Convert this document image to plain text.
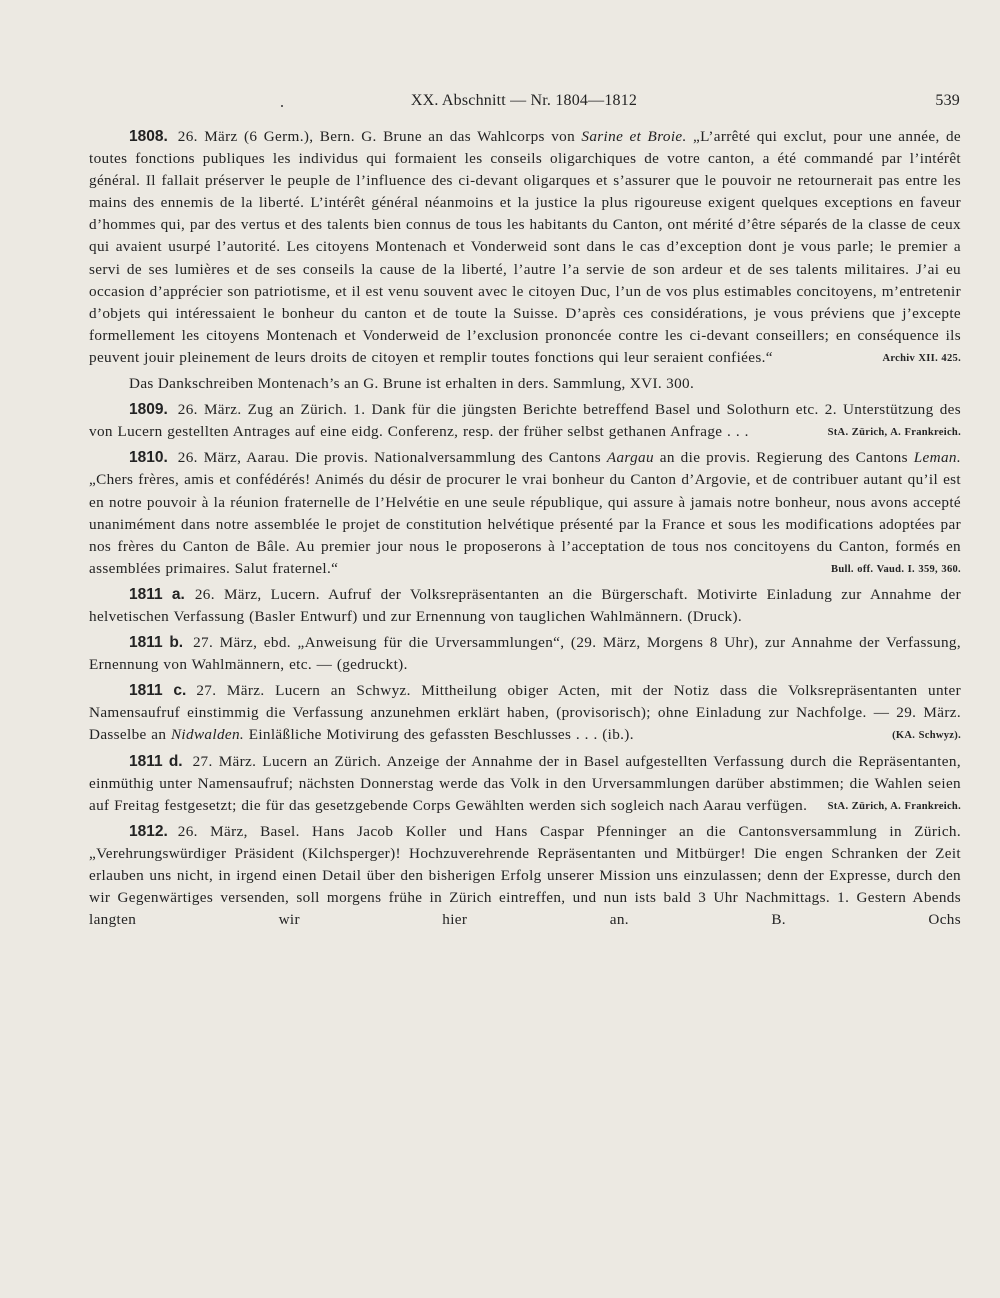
XX. Abschnitt — Nr. 1804—1812	539

1808. 26. März (6 Germ.), Bern. G. Brune an das Wahlcorps von Sarine et Broie. „L’arrêté qui exclut, pour une année, de toutes fonctions publiques les individus qui formaient les conseils oligarchiques de votre canton, a été commandé par l’intérêt général. Il fallait préserver le peuple de l’influence des ci-devant oligarques et s’assurer que le pouvoir ne retournerait pas entre les mains des ennemis de la liberté. L’intérêt général néanmoins et la justice la plus rigoureuse exigent quelques exceptions en faveur d’hommes qui, par des vertus et des talents bien connus de tous les habitants du Canton, ont mérité d’être séparés de la classe de ceux qui avaient usurpé l’autorité. Les citoyens Montenach et Vonderweid sont dans le cas d’exception dont je vous parle; le premier a servi de ses lumières et de ses conseils la cause de la liberté, l’autre l’a servie de son ardeur et de ses talents militaires. J’ai eu occasion d’apprécier son patriotisme, et il est venu souvent avec le citoyen Duc, l’un de vos plus estimables concitoyens, m’entretenir d’objets qui intéressaient le bonheur du canton et de toute la Suisse. D’après ces considérations, je vous préviens que j’excepte formellement les citoyens Montenach et Vonderweid de l’exclusion prononcée contre les ci-devant conseillers; en conséquence ils peuvent jouir pleinement de leurs droits de citoyen et remplir toutes fonctions qui leur seraient confiées.“	Archiv XII. 425.

Das Dankschreiben Montenach’s an G. Brune ist erhalten in ders. Sammlung, XVI. 300.

1809. 26. März. Zug an Zürich. 1. Dank für die jüngsten Berichte betreffend Basel und Solothurn etc. 2. Unterstützung des von Lucern gestellten Antrages auf eine eidg. Conferenz, resp. der früher selbst gethanen Anfrage . . .	StA. Zürich, A. Frankreich.

1810. 26. März, Aarau. Die provis. Nationalversammlung des Cantons Aargau an die provis. Regierung des Cantons Leman. „Chers frères, amis et confédérés! Animés du désir de procurer le vrai bonheur du Canton d’Argovie, et de contribuer autant qu’il est en notre pouvoir à la réunion fraternelle de l’Helvétie en une seule république, qui assure à jamais notre bonheur, nous avons accepté unanimément dans notre assemblée le projet de constitution helvétique présenté par la France et sous les modifications adoptées par nos frères du Canton de Bâle. Au premier jour nous le proposerons à l’acceptation de tous nos concitoyens du Canton, formés en assemblées primaires. Salut fraternel.“	Bull. off. Vaud. I. 359, 360.

1811 a. 26. März, Lucern. Aufruf der Volksrepräsentanten an die Bürgerschaft. Motivirte Einladung zur Annahme der helvetischen Verfassung (Basler Entwurf) und zur Ernennung von tauglichen Wahlmännern. (Druck).

1811 b. 27. März, ebd. „Anweisung für die Urversammlungen“, (29. März, Morgens 8 Uhr), zur Annahme der Verfassung, Ernennung von Wahlmännern, etc. — (gedruckt).

1811 c. 27. März. Lucern an Schwyz. Mittheilung obiger Acten, mit der Notiz dass die Volksrepräsentanten unter Namensaufruf einstimmig die Verfassung anzunehmen erklärt haben, (provisorisch); ohne Einladung zur Nachfolge. — 29. März. Dasselbe an Nidwalden. Einläßliche Motivirung des gefassten Beschlusses . . . (ib.).	(KA. Schwyz).

1811 d. 27. März. Lucern an Zürich. Anzeige der Annahme der in Basel aufgestellten Verfassung durch die Repräsentanten, einmüthig unter Namensaufruf; nächsten Donnerstag werde das Volk in den Urversammlungen darüber abstimmen; die Wahlen seien auf Freitag festgesetzt; die für das gesetzgebende Corps Gewählten werden sich sogleich nach Aarau verfügen. StA. Zürich, A. Frankreich.

1812. 26. März, Basel. Hans Jacob Koller und Hans Caspar Pfenninger an die Cantonsversammlung in Zürich. „Verehrungswürdiger Präsident (Kilchsperger)! Hochzuverehrende Repräsentanten und Mitbürger! Die engen Schranken der Zeit erlauben uns nicht, in irgend einen Detail über den bisherigen Erfolg unserer Mission uns einzulassen; denn der Expresse, durch den wir Gegenwärtiges versenden, soll morgens frühe in Zürich eintreffen, und nun ists bald 3 Uhr Nachmittags. 1. Gestern Abends langten wir hier an. B. Ochs
